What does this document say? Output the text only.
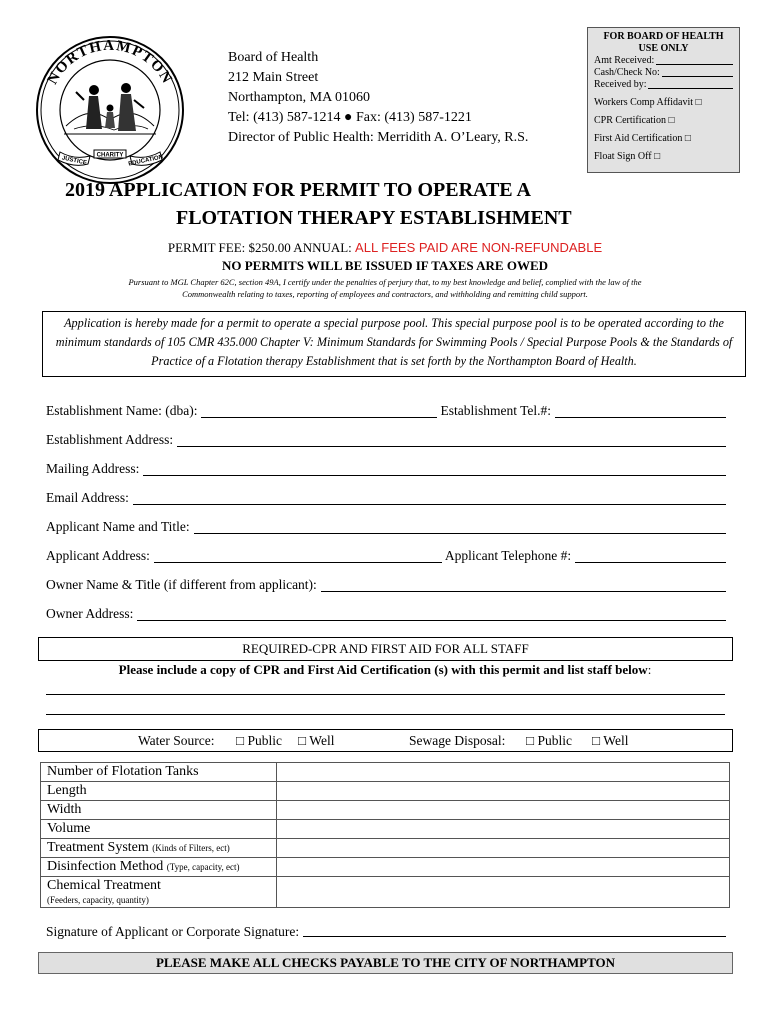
NORTHAMPTON
JUSTICE CHARITY EDUCATION
Board of Health
212 Main Street
Northampton, MA 01060
Tel: (413) 587-1214 ● Fax: (413) 587-1221
Director of Public Health: Merridith A. O’Leary, R.S.
FOR BOARD OF HEALTH USE ONLY
Amt Received:
Cash/Check No:
Received by:
Workers Comp Affidavit □
CPR Certification □
First Aid Certification □
Float Sign Off □
2019 APPLICATION FOR PERMIT TO OPERATE A
FLOTATION THERAPY ESTABLISHMENT
PERMIT FEE: $250.00 ANNUAL: ALL FEES PAID ARE NON-REFUNDABLE
NO PERMITS WILL BE ISSUED IF TAXES ARE OWED
Pursuant to MGL Chapter 62C, section 49A, I certify under the penalties of perjury that, to my best knowledge and belief, complied with the law of the
Commonwealth relating to taxes, reporting of employees and contractors, and withholding and remitting child support.
Application is hereby made for a permit to operate a special purpose pool. This special purpose pool is to be operated according to the minimum standards of 105 CMR 435.000 Chapter V: Minimum Standards for Swimming Pools / Special Purpose Pools & the Standards of Practice of a Flotation therapy Establishment that is set forth by the Northampton Board of Health.
Establishment Name: (dba):	Establishment Tel.#:
Establishment Address:
Mailing Address:
Email Address:
Applicant Name and Title:
Applicant Address:	Applicant Telephone #:
Owner Name & Title (if different from applicant):
Owner Address:
REQUIRED-CPR AND FIRST AID FOR ALL STAFF
Please include a copy of CPR and First Aid Certification (s) with this permit and list staff below:
Water Source: □ Public □ Well	Sewage Disposal: □ Public □ Well
Number of Flotation Tanks	
Length	
Width	
Volume	
Treatment System (Kinds of Filters, ect)	
Disinfection Method (Type, capacity, ect)	

Chemical Treatment
(Feeders, capacity, quantity)	

Signature of Applicant or Corporate Signature:
PLEASE MAKE ALL CHECKS PAYABLE TO THE CITY OF NORTHAMPTON
